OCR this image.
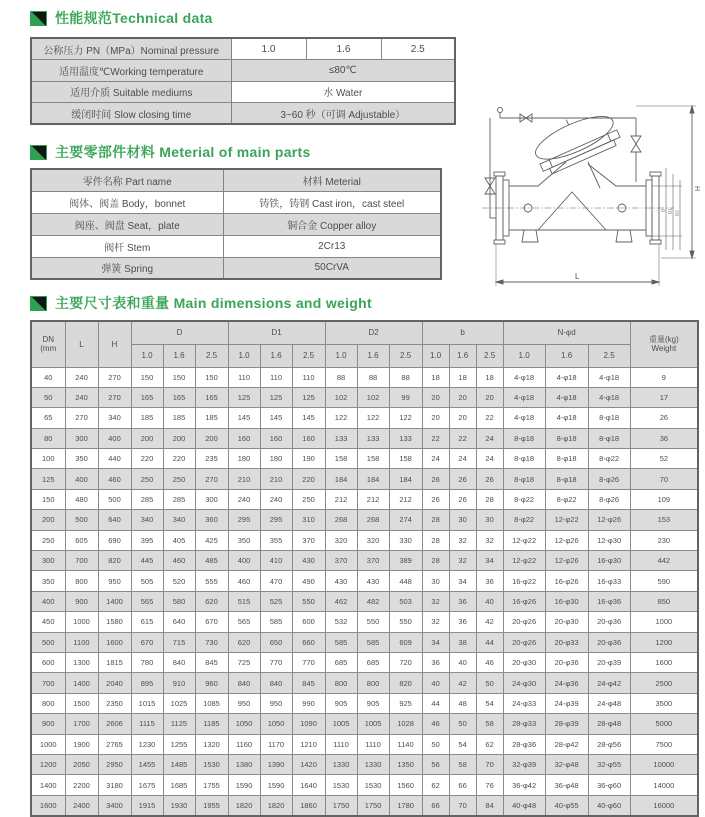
性能规范Technical data
公称压力 PN（MPa）Nominal pressure	1.0	1.6	2.5
适用温度℃Working temperature	≤80℃		
适用介质 Suitable mediums	水 Water		
缓闭时间 Slow closing time	3~60 秒（可调 Adjustable）		
主要零部件材料 Meterial of main parts
零件名称 Part name	材料 Meterial
阀体、阀盖 Body，bonnet	铸铁，铸钢 Cast iron，cast steel
阀座、阀盘 Seat，plate	铜合金 Copper alloy
阀杆 Stem	2Cr13
弹簧 Spring	50CrVA
主要尺寸表和重量 Main dimensions and weight
DN
(mm
	L	H	D	D1	D2	b	N-φd	
重量(kg)
Weight

			1.0	1.6	2.5	1.0	1.6	2.5	1.0	1.6	2.5	1.0	1.6	2.5	1.0	1.6	2.5	
40	240	270	150	150	150	110	110	110	88	88	88	18	18	18	4-φ18	4-φ18	4-φ18	9
50	240	270	165	165	165	125	125	125	102	102	99	20	20	20	4-φ18	4-φ18	4-φ18	17
65	270	340	185	185	185	145	145	145	122	122	122	20	20	22	4-φ18	4-φ18	8-φ18	26
80	300	400	200	200	200	160	160	160	133	133	133	22	22	24	8-φ18	8-φ18	8-φ18	36
100	350	440	220	220	235	180	180	190	158	158	158	24	24	24	8-φ18	8-φ18	8-φ22	52
125	400	460	250	250	270	210	210	220	184	184	184	26	26	26	8-φ18	8-φ18	8-φ26	70
150	480	500	285	285	300	240	240	250	212	212	212	26	26	28	8-φ22	8-φ22	8-φ26	109
200	500	640	340	340	360	295	295	310	268	268	274	28	30	30	8-φ22	12-φ22	12-φ26	153
250	605	690	395	405	425	350	355	370	320	320	330	28	32	32	12-φ22	12-φ26	12-φ30	230
300	700	820	445	460	485	400	410	430	370	370	389	28	32	34	12-φ22	12-φ26	16-φ30	442
350	800	950	505	520	555	460	470	490	430	430	448	30	34	36	16-φ22	16-φ26	16-φ33	590
400	900	1400	565	580	620	515	525	550	462	482	503	32	36	40	16-φ26	16-φ30	16-φ36	850
450	1000	1580	615	640	670	565	585	600	532	550	550	32	36	42	20-φ26	20-φ30	20-φ36	1000
500	1100	1600	670	715	730	620	650	660	585	585	609	34	38	44	20-φ26	20-φ33	20-φ36	1200
600	1300	1815	780	840	845	725	770	770	685	685	720	36	40	46	20-φ30	20-φ36	20-φ39	1600
700	1400	2040	895	910	960	840	840	845	800	800	820	40	42	50	24-φ30	24-φ36	24-φ42	2500
800	1500	2350	1015	1025	1085	950	950	990	905	905	925	44	48	54	24-φ33	24-φ39	24-φ48	3500
900	1700	2606	1115	1125	1185	1050	1050	1090	1005	1005	1028	46	50	58	28-φ33	28-φ39	28-φ48	5000
1000	1900	2765	1230	1255	1320	1160	1170	1210	1110	1110	1140	50	54	62	28-φ36	28-φ42	28-φ56	7500
1200	2050	2950	1455	1485	1530	1380	1390	1420	1330	1330	1350	56	58	70	32-φ39	32-φ48	32-φ55	10000
1400	2200	3180	1675	1685	1755	1590	1590	1640	1530	1530	1560	62	66	76	36-φ42	36-φ48	36-φ60	14000
1600	2400	3400	1915	1930	1955	1820	1820	1860	1750	1750	1780	66	70	84	40-φ48	40-φ55	40-φ60	16000
L
H
D D1 D2
